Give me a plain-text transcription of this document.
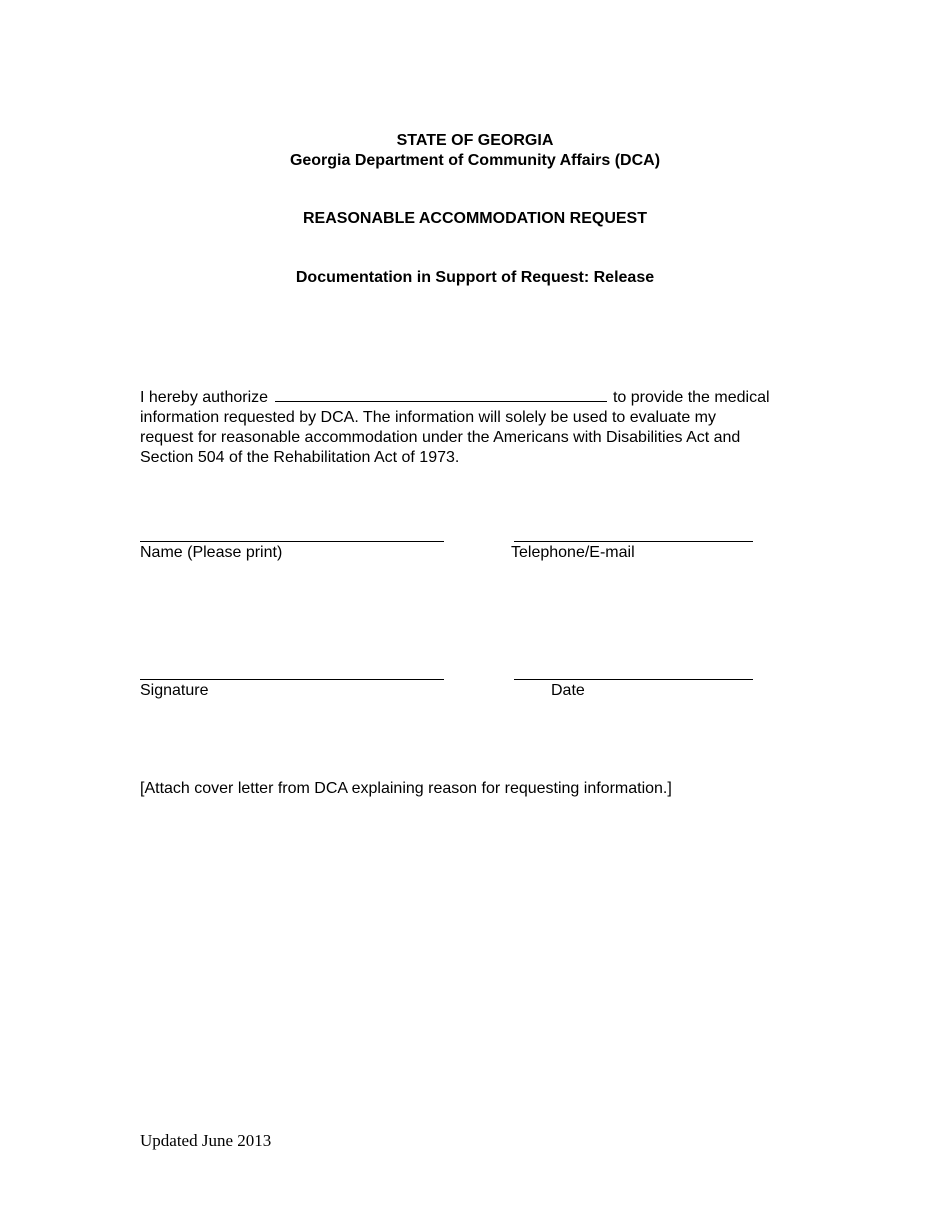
STATE OF GEORGIA
Georgia Department of Community Affairs (DCA)
REASONABLE ACCOMMODATION REQUEST
Documentation in Support of Request: Release
I hereby authorize	to provide the medical
information requested by DCA. The information will solely be used to evaluate my
request for reasonable accommodation under the Americans with Disabilities Act and
Section 504 of the Rehabilitation Act of 1973.
Name (Please print)	Telephone/E-mail
Signature	Date
[Attach cover letter from DCA explaining reason for requesting information.]
Updated June 2013
